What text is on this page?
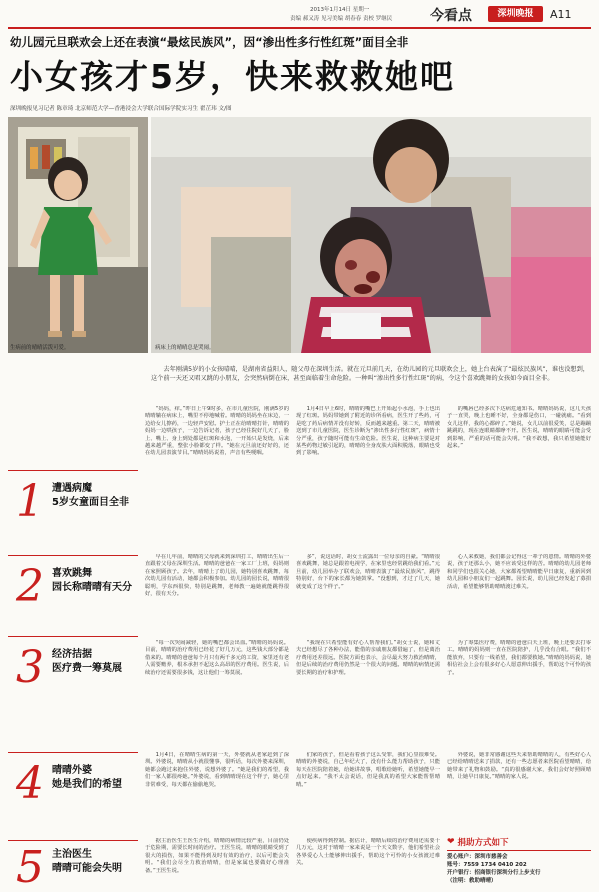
2013年1月14日 星期一
责编 郝又涛 见习美编 胡春春 责校 罗继民	今看点	深圳晚报	A11
幼儿园元旦联欢会上还在表演“最炫民族风”，因“渗出性多行性红斑”面目全非
小女孩才5岁，快来救救她吧
深圳晚报见习记者 陈章琦 北京师范大学—香港浸会大学联合国际学院实习生 翟芷玮 文/图
生病前的晴晴活泼可爱。	病床上的晴晴总是哭闹。
去年刚满5岁的小女孩晴晴，是湖南省益阳人，随父母在深圳生活。就在元旦前几天，在幼儿园的元旦联欢会上，她上台表演了“最炫民族风”，谁也没想到，这个前一天还又唱又跳的小朋友，会突然病倒在床，甚至面临着生命危险。一种叫“渗出性多行性红斑”的病，令这个喜欢跳舞的女孩如今面目全非。
1 遭遇病魔
5岁女童面目全非
2 喜欢跳舞
园长称晴晴有天分
3 经济拮据
医疗费一筹莫展
4 晴晴外婆
她是我们的希望
5 主治医生
晴晴可能会失明

“妈妈，痒。”昨日上午9时多，在市儿童医院，刚满5岁的晴晴躺在病床上，嘴里不停地喊着。晴晴的妈妈坐在床边，一边给女儿擦药，一边轻声安慰。护士正在给晴晴打针，晴晴的妈妈一边哄孩子，一边告诉记者，孩子已经住院好几天了，脸上、嘴上、身上到处都是红斑和水泡，一开始只是发烧，后来越来越严重，整张小脸都变了样。“她在元旦前还好好的，还在幼儿园表演节目。”晴晴妈妈说着，声音有些哽咽。

1月4日早上6时，晴晴的嘴巴上开始起小水泡，手上也出现了红斑。妈妈带她到了附近的诊所看病，医生开了些药，可是吃了药后病情并没有好转，反而越来越重。第二天，晴晴被送到了市儿童医院，医生诊断为“渗出性多行性红斑”，病情十分严重，孩子随时可能有生命危险。医生说，这种病主要是对某些药物过敏引起的，晴晴的全身皮肤大面积脱落，眼睛也受到了影响。

的嘴唇已经多次下达病危通知书。晴晴妈妈说，这几天孩子一直哭，晚上也睡不好，全身都是伤口，一碰就痛。“看到女儿这样，我的心都碎了。”她说，女儿以前很爱笑，总是蹦蹦跳跳的，现在连眼睛都睁不开。医生说，晴晴的眼睛可能会受到影响，严重的话可能会失明。“我不敢想，我只希望她能好起来。”

早在几年前，晴晴的父母就来到深圳打工，晴晴出生后一直跟着父母在深圳生活。晴晴的爸爸在一家工厂上班，妈妈则在家照顾孩子。去年，晴晴上了幼儿园，她特别喜欢跳舞，每次幼儿园有活动，她都会积极参加。幼儿园的园长说，晴晴很聪明，学东西很快，特别是跳舞，老师教一遍她就能跳得很好，很有天分。

多”，说这话时，胡女士流露出一位母亲的自豪。“晴晴很喜欢跳舞，她总是跟着电视学，在家里也经常跳给我们看。”元旦前，幼儿园举办了联欢会，晴晴表演了“最炫民族风”，跳得特别好，台下的家长都为她鼓掌。“没想到，才过了几天，她就变成了这个样子。”

心人来救她，我们都会记得这一辈子的恩情。晴晴的外婆说，孩子还那么小，她不应该受这样的苦。晴晴的幼儿园老师和同学们也很关心她，大家都希望晴晴能早日康复，重新回到幼儿园和小朋友们一起跳舞。园长说，幼儿园已经发起了募捐活动，希望能够帮助晴晴渡过难关。

“每一次哭闹减轻，她的嘴巴都会出血。”晴晴的妈妈说。目前，晴晴的治疗费用已经花了好几万元，这些钱大部分都是借来的。晴晴的爸爸每个月只有两千多元的工资，家里还有老人需要赡养，根本承担不起这么高昂的医疗费用。医生说，后续治疗还需要很多钱，这让他们一筹莫展。

“我现在只希望能有好心人帮帮我们。”胡女士说，她和丈夫已经想尽了各种办法，能借的亲戚朋友都借遍了，但是离治疗费用还差很远。医院方面也表示，会尽最大努力救治晴晴，但是后续的治疗费用仍然是一个很大的问题。晴晴的病情还需要长期的治疗和护理。

为了筹集医疗费，晴晴的爸爸白天上班，晚上还要去打零工。晴晴的妈妈则一直在医院陪护，几乎没有合眼。“我们不能放弃，只要有一线希望，我们都要救她。”晴晴的妈妈说，她相信社会上会有很多好心人愿意伸出援手，帮助这个可怜的孩子。

1月4日，在晴晴生病的第一天，外婆就从老家赶到了深圳。外婆说，晴晴从小就很懂事，很听话，每次外婆来深圳，她都会跑过来抱住外婆，说想外婆了。“她是我们的希望，我们一家人都很疼她。”外婆说，看到晴晴现在这个样子，她心里非常难受，每天都在偷偷地哭。

们家的孩子，但是看着孩子这么受罪，我们心里很难受。晴晴的外婆说，自己年纪大了，没有什么能力帮助孩子，只能每天在医院陪着她，给她讲故事，唱歌给她听，希望她能早一点好起来。“我不太会说话，但是我真的希望大家能帮帮晴晴。”

外婆说，她非常感谢这些天来帮助晴晴的人，有些好心人已经给晴晴送来了捐款，还有一些志愿者来医院看望晴晴，给她带来了礼物和鼓励。“真的很感谢大家，我们会好好照顾晴晴，让她早日康复。”晴晴的家人说。

据主治医生王医生介绍，晴晴的病情比较严重，目前仍处于危险期，需要长时间的治疗。王医生说，晴晴的眼睛受到了很大的损伤，如果不能得到及时有效的治疗，以后可能会失明。“我们会尽全力救治晴晴，但是家属也要做好心理准备。”王医生说。

使疾病得到控制。据估计，晴晴后续的治疗费用还需要十几万元，这对于晴晴一家来说是一个天文数字，他们希望社会各界爱心人士能够伸出援手，帮助这个可怜的小女孩渡过难关。

❤ 捐助方式如下
爱心账户：深圳市慈善会
账号：7559 1734 0410 202
开户银行：招商银行深圳分行上步支行
（注明：救助晴晴）
